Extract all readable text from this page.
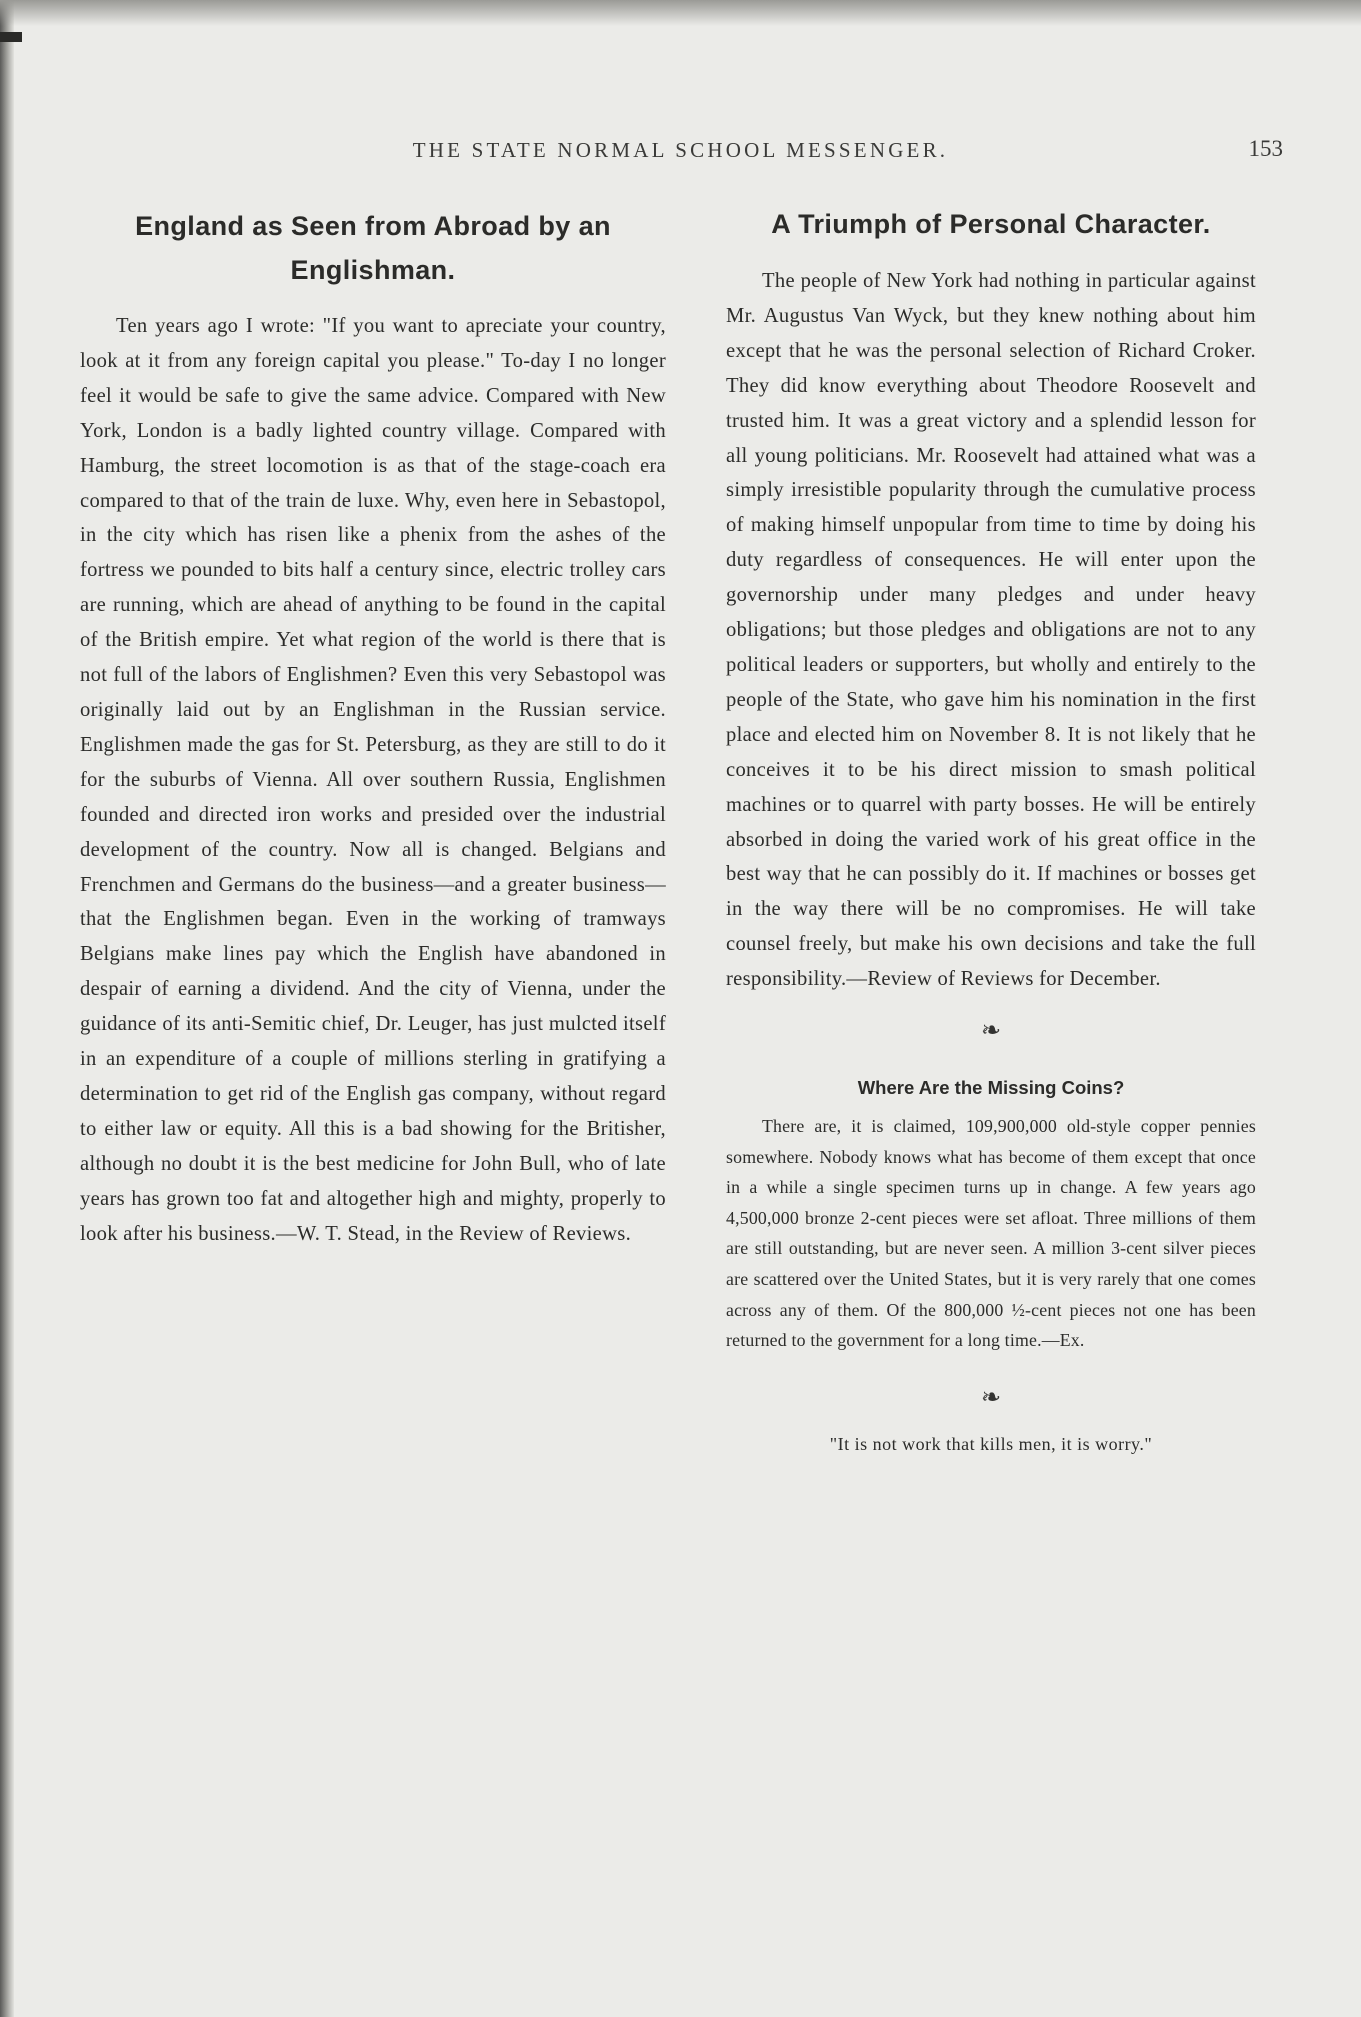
THE STATE NORMAL SCHOOL MESSENGER.	153
England as Seen from Abroad by an Englishman.

Ten years ago I wrote: "If you want to apreciate your country, look at it from any foreign capital you please." To-day I no longer feel it would be safe to give the same advice. Compared with New York, London is a badly lighted country village. Compared with Hamburg, the street locomotion is as that of the stage-coach era compared to that of the train de luxe. Why, even here in Sebastopol, in the city which has risen like a phenix from the ashes of the fortress we pounded to bits half a century since, electric trolley cars are running, which are ahead of anything to be found in the capital of the British empire. Yet what region of the world is there that is not full of the labors of Englishmen? Even this very Sebastopol was originally laid out by an Englishman in the Russian service. Englishmen made the gas for St. Petersburg, as they are still to do it for the suburbs of Vienna. All over southern Russia, Englishmen founded and directed iron works and presided over the industrial development of the country. Now all is changed. Belgians and Frenchmen and Germans do the business—and a greater business—that the Englishmen began. Even in the working of tramways Belgians make lines pay which the English have abandoned in despair of earning a dividend. And the city of Vienna, under the guidance of its anti-Semitic chief, Dr. Leuger, has just mulcted itself in an expenditure of a couple of millions sterling in gratifying a determination to get rid of the English gas company, without regard to either law or equity. All this is a bad showing for the Britisher, although no doubt it is the best medicine for John Bull, who of late years has grown too fat and altogether high and mighty, properly to look after his business.—W. T. Stead, in the Review of Reviews.

A Triumph of Personal Character.

The people of New York had nothing in particular against Mr. Augustus Van Wyck, but they knew nothing about him except that he was the personal selection of Richard Croker. They did know everything about Theodore Roosevelt and trusted him. It was a great victory and a splendid lesson for all young politicians. Mr. Roosevelt had attained what was a simply irresistible popularity through the cumulative process of making himself unpopular from time to time by doing his duty regardless of consequences. He will enter upon the governorship under many pledges and under heavy obligations; but those pledges and obligations are not to any political leaders or supporters, but wholly and entirely to the people of the State, who gave him his nomination in the first place and elected him on November 8. It is not likely that he conceives it to be his direct mission to smash political machines or to quarrel with party bosses. He will be entirely absorbed in doing the varied work of his great office in the best way that he can possibly do it. If machines or bosses get in the way there will be no compromises. He will take counsel freely, but make his own decisions and take the full responsibility.—Review of Reviews for December.

❧
Where Are the Missing Coins?

There are, it is claimed, 109,900,000 old-style copper pennies somewhere. Nobody knows what has become of them except that once in a while a single specimen turns up in change. A few years ago 4,500,000 bronze 2-cent pieces were set afloat. Three millions of them are still outstanding, but are never seen. A million 3-cent silver pieces are scattered over the United States, but it is very rarely that one comes across any of them. Of the 800,000 ½-cent pieces not one has been returned to the government for a long time.—Ex.

❧

"It is not work that kills men, it is worry."
